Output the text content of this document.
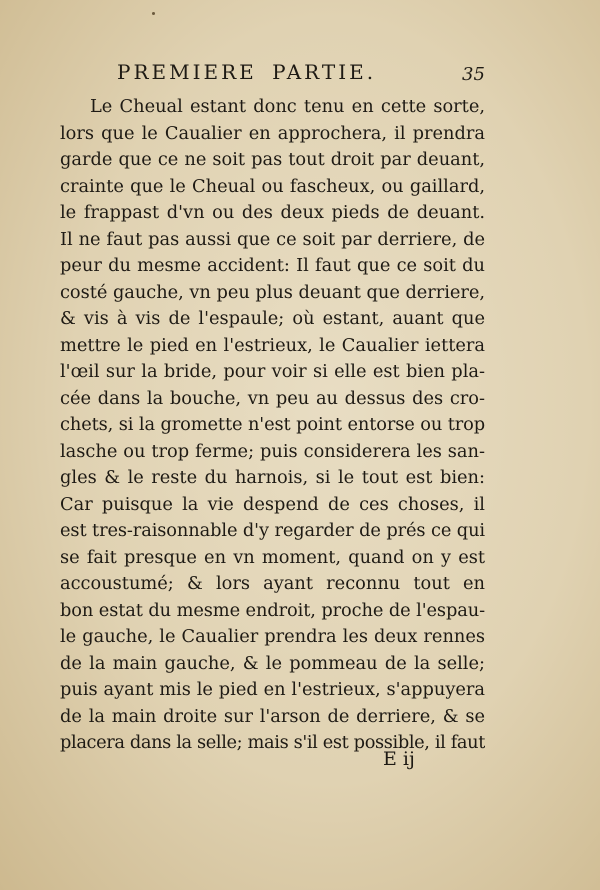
PREMIERE PARTIE.	35
Le Cheual estant donc tenu en cette sorte,
lors que le Caualier en approchera, il prendra
garde que ce ne soit pas tout droit par deuant,
crainte que le Cheual ou fascheux, ou gaillard,
le frappast d'vn ou des deux pieds de deuant.
Il ne faut pas aussi que ce soit par derriere, de
peur du mesme accident: Il faut que ce soit du
costé gauche, vn peu plus deuant que derriere,
& vis à vis de l'espaule; où estant, auant que
mettre le pied en l'estrieux, le Caualier iettera
l'œil sur la bride, pour voir si elle est bien pla-
cée dans la bouche, vn peu au dessus des cro-
chets, si la gromette n'est point entorse ou trop
lasche ou trop ferme; puis considerera les san-
gles & le reste du harnois, si le tout est bien:
Car puisque la vie despend de ces choses, il
est tres-raisonnable d'y regarder de prés ce qui
se fait presque en vn moment, quand on y est
accoustumé; & lors ayant reconnu tout en
bon estat du mesme endroit, proche de l'espau-
le gauche, le Caualier prendra les deux rennes
de la main gauche, & le pommeau de la selle;
puis ayant mis le pied en l'estrieux, s'appuyera
de la main droite sur l'arson de derriere, & se
placera dans la selle; mais s'il est possible, il faut
E ij
